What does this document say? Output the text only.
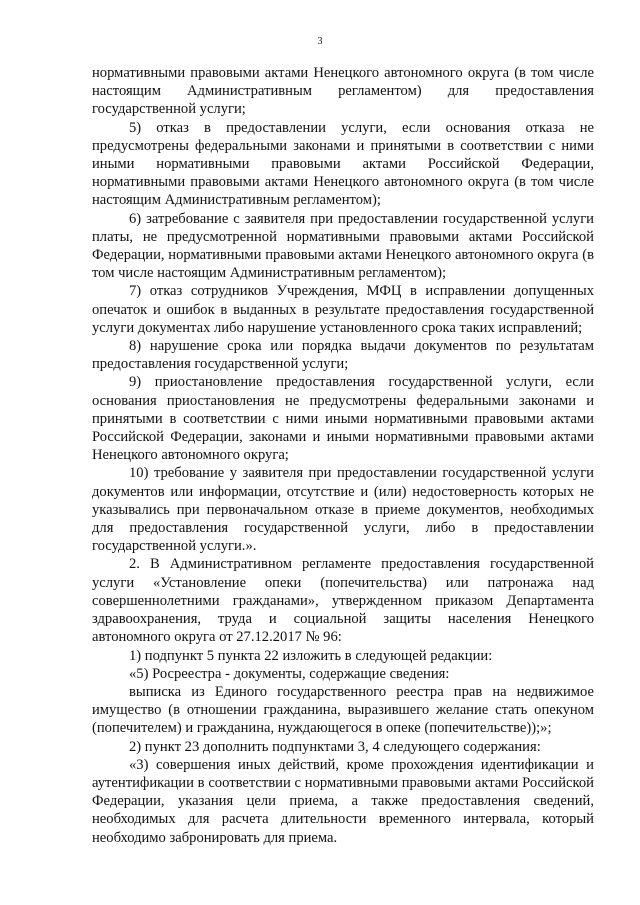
3

нормативными правовыми актами Ненецкого автономного округа (в том числе настоящим Административным регламентом) для предоставления государственной услуги;

5) отказ в предоставлении услуги, если основания отказа не предусмотрены федеральными законами и принятыми в соответствии с ними иными нормативными правовыми актами Российской Федерации, нормативными правовыми актами Ненецкого автономного округа (в том числе настоящим Административным регламентом);

6) затребование с заявителя при предоставлении государственной услуги платы, не предусмотренной нормативными правовыми актами Российской Федерации, нормативными правовыми актами Ненецкого автономного округа (в том числе настоящим Административным регламентом);

7) отказ сотрудников Учреждения, МФЦ в исправлении допущенных опечаток и ошибок в выданных в результате предоставления государственной услуги документах либо нарушение установленного срока таких исправлений;

8) нарушение срока или порядка выдачи документов по результатам предоставления государственной услуги;

9) приостановление предоставления государственной услуги, если основания приостановления не предусмотрены федеральными законами и принятыми в соответствии с ними иными нормативными правовыми актами Российской Федерации, законами и иными нормативными правовыми актами Ненецкого автономного округа;

10) требование у заявителя при предоставлении государственной услуги документов или информации, отсутствие и (или) недостоверность которых не указывались при первоначальном отказе в приеме документов, необходимых для предоставления государственной услуги, либо в предоставлении государственной услуги.».

2. В Административном регламенте предоставления государственной услуги «Установление опеки (попечительства) или патронажа над совершеннолетними гражданами», утвержденном приказом Департамента здравоохранения, труда и социальной защиты населения Ненецкого автономного округа от 27.12.2017 № 96:

1) подпункт 5 пункта 22 изложить в следующей редакции:

«5) Росреестра - документы, содержащие сведения:

выписка из Единого государственного реестра прав на недвижимое имущество (в отношении гражданина, выразившего желание стать опекуном (попечителем) и гражданина, нуждающегося в опеке (попечительстве));»;

2) пункт 23 дополнить подпунктами 3, 4 следующего содержания:

«3) совершения иных действий, кроме прохождения идентификации и аутентификации в соответствии с нормативными правовыми актами Российской Федерации, указания цели приема, а также предоставления сведений, необходимых для расчета длительности временного интервала, который необходимо забронировать для приема.
